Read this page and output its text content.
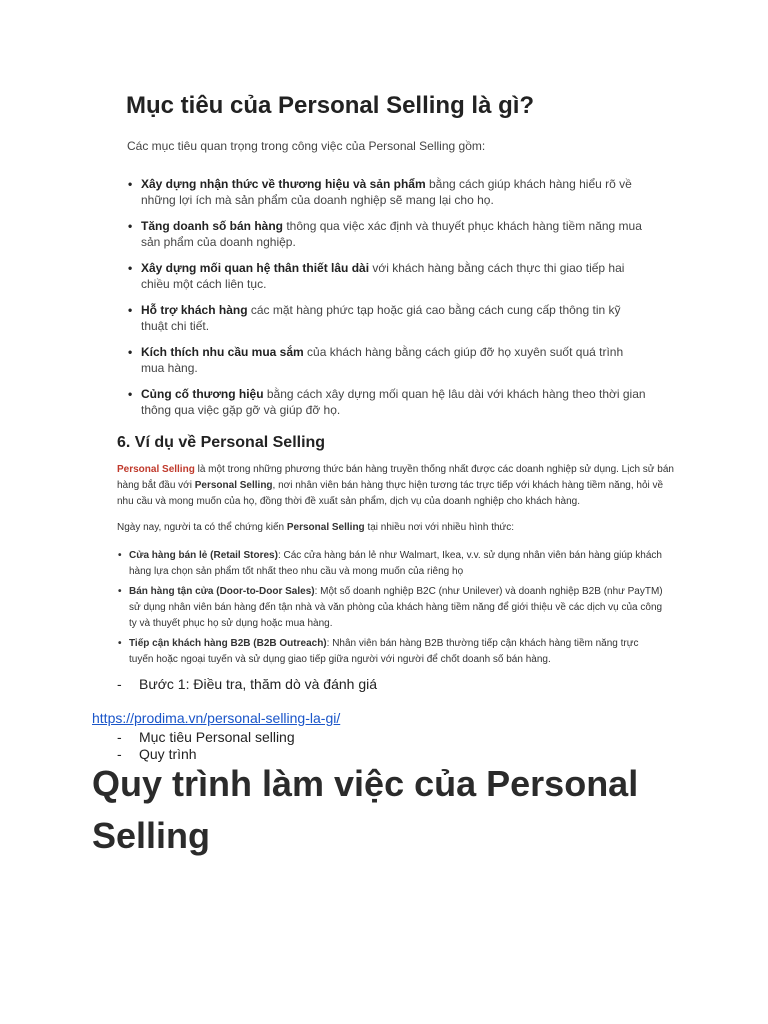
Mục tiêu của Personal Selling là gì?
Các mục tiêu quan trọng trong công việc của Personal Selling gồm:
• Xây dựng nhận thức về thương hiệu và sản phẩm bằng cách giúp khách hàng hiểu rõ về những lợi ích mà sản phẩm của doanh nghiệp sẽ mang lại cho họ.
• Tăng doanh số bán hàng thông qua việc xác định và thuyết phục khách hàng tiềm năng mua sản phẩm của doanh nghiệp.
• Xây dựng mối quan hệ thân thiết lâu dài với khách hàng bằng cách thực thi giao tiếp hai chiều một cách liên tục.
• Hỗ trợ khách hàng các mặt hàng phức tạp hoặc giá cao bằng cách cung cấp thông tin kỹ thuật chi tiết.
• Kích thích nhu cầu mua sắm của khách hàng bằng cách giúp đỡ họ xuyên suốt quá trình mua hàng.
• Củng cố thương hiệu bằng cách xây dựng mối quan hệ lâu dài với khách hàng theo thời gian thông qua việc gặp gỡ và giúp đỡ họ.
6. Ví dụ về Personal Selling
Personal Selling là một trong những phương thức bán hàng truyền thống nhất được các doanh nghiệp sử dụng. Lịch sử bán hàng bắt đầu với Personal Selling, nơi nhân viên bán hàng thực hiện tương tác trực tiếp với khách hàng tiềm năng, hỏi về nhu cầu và mong muốn của họ, đồng thời đề xuất sản phẩm, dịch vụ của doanh nghiệp cho khách hàng.
Ngày nay, người ta có thể chứng kiến Personal Selling tại nhiều nơi với nhiều hình thức:
• Cửa hàng bán lẻ (Retail Stores): Các cửa hàng bán lẻ như Walmart, Ikea, v.v. sử dụng nhân viên bán hàng giúp khách hàng lựa chọn sản phẩm tốt nhất theo nhu cầu và mong muốn của riêng họ
• Bán hàng tận cửa (Door-to-Door Sales): Một số doanh nghiệp B2C (như Unilever) và doanh nghiệp B2B (như PayTM) sử dụng nhân viên bán hàng đến tận nhà và văn phòng của khách hàng tiềm năng để giới thiệu về các dịch vụ của công ty và thuyết phục họ sử dụng hoặc mua hàng.
• Tiếp cận khách hàng B2B (B2B Outreach): Nhân viên bán hàng B2B thường tiếp cận khách hàng tiềm năng trực tuyến hoặc ngoại tuyến và sử dụng giao tiếp giữa người với người để chốt doanh số bán hàng.
- Bước 1: Điều tra, thăm dò và đánh giá
https://prodima.vn/personal-selling-la-gi/
- Mục tiêu Personal selling
- Quy trình
Quy trình làm việc của Personal Selling
